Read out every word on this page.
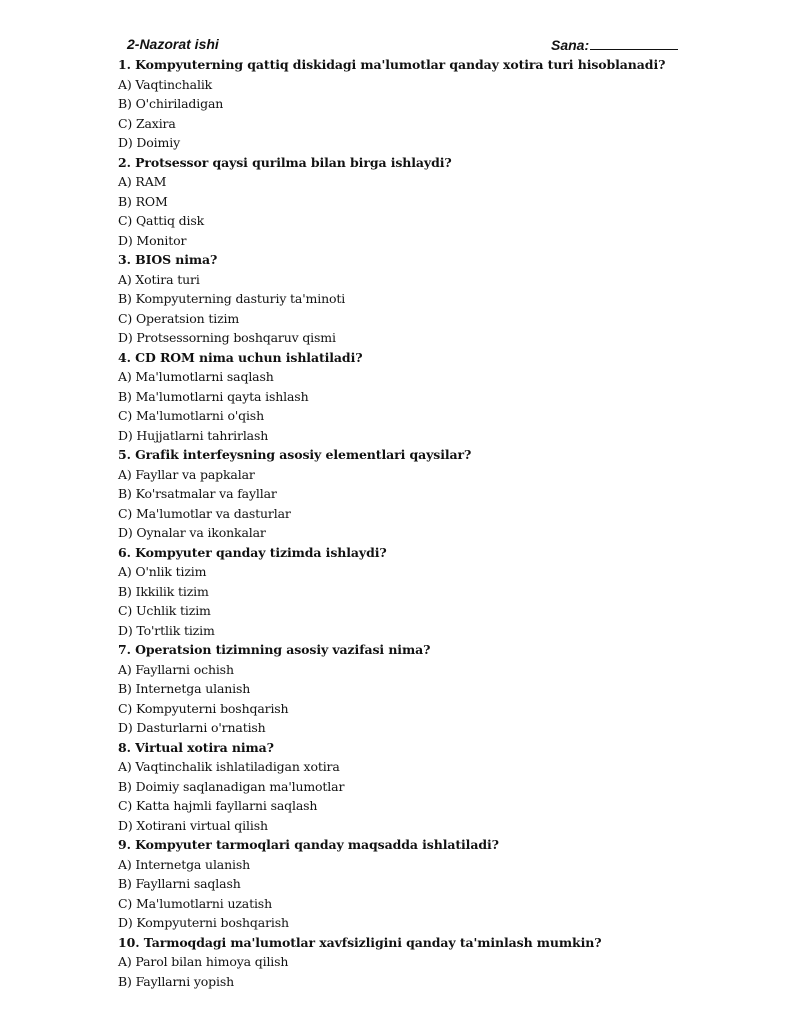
2-Nazorat ishi	Sana:
1. Kompyuterning qattiq diskidagi ma'lumotlar qanday xotira turi hisoblanadi?
A) Vaqtinchalik
B) O'chiriladigan
C) Zaxira
D) Doimiy
2. Protsessor qaysi qurilma bilan birga ishlaydi?
A) RAM
B) ROM
C) Qattiq disk
D) Monitor
3. BIOS nima?
A) Xotira turi
B) Kompyuterning dasturiy ta'minoti
C) Operatsion tizim
D) Protsessorning boshqaruv qismi
4. CD ROM nima uchun ishlatiladi?
A) Ma'lumotlarni saqlash
B) Ma'lumotlarni qayta ishlash
C) Ma'lumotlarni o'qish
D) Hujjatlarni tahrirlash
5. Grafik interfeysning asosiy elementlari qaysilar?
A) Fayllar va papkalar
B) Ko'rsatmalar va fayllar
C) Ma'lumotlar va dasturlar
D) Oynalar va ikonkalar
6. Kompyuter qanday tizimda ishlaydi?
A) O'nlik tizim
B) Ikkilik tizim
C) Uchlik tizim
D) To'rtlik tizim
7. Operatsion tizimning asosiy vazifasi nima?
A) Fayllarni ochish
B) Internetga ulanish
C) Kompyuterni boshqarish
D) Dasturlarni o'rnatish
8. Virtual xotira nima?
A) Vaqtinchalik ishlatiladigan xotira
B) Doimiy saqlanadigan ma'lumotlar
C) Katta hajmli fayllarni saqlash
D) Xotirani virtual qilish
9. Kompyuter tarmoqlari qanday maqsadda ishlatiladi?
A) Internetga ulanish
B) Fayllarni saqlash
C) Ma'lumotlarni uzatish
D) Kompyuterni boshqarish
10. Tarmoqdagi ma'lumotlar xavfsizligini qanday ta'minlash mumkin?
A) Parol bilan himoya qilish
B) Fayllarni yopish
